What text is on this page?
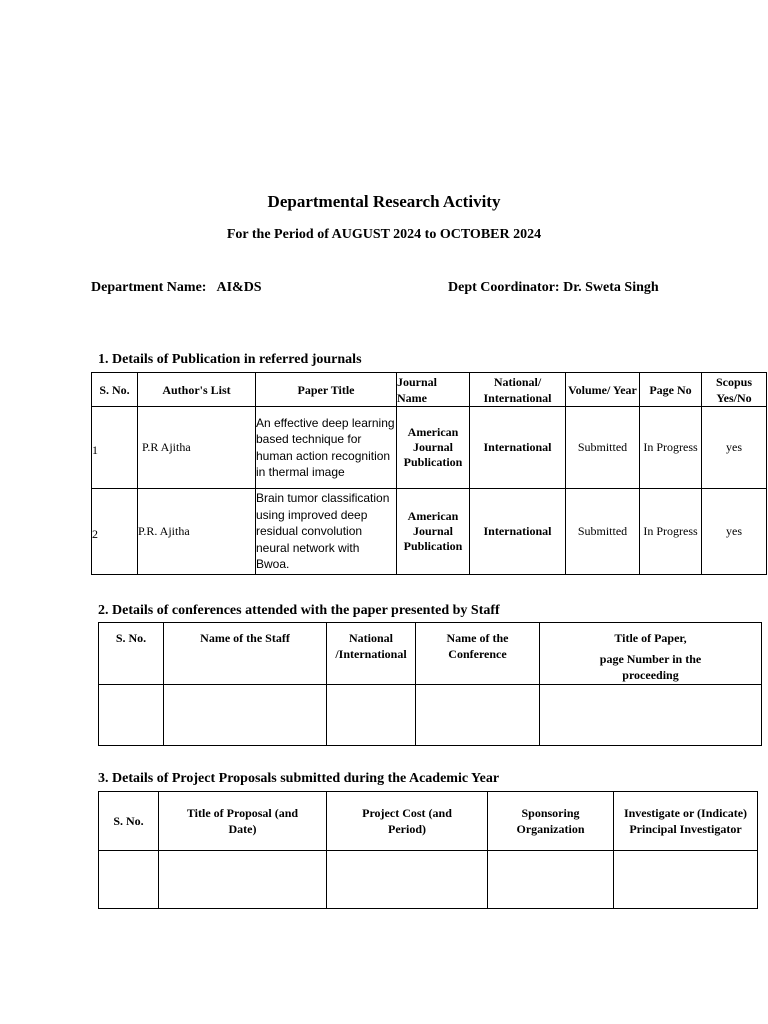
Departmental Research Activity
For the Period of AUGUST 2024 to OCTOBER 2024
Department Name: AI&DS	Dept Coordinator: Dr. Sweta Singh
1. Details of Publication in referred journals
S. No.	Author's List	Paper Title	Journal Name	National/ International	Volume/ Year	Page No	Scopus Yes/No
1	P.R Ajitha	An effective deep learning based technique for human action recognition in thermal image	American Journal Publication	International	Submitted	In Progress	yes
2	P.R. Ajitha	Brain tumor classification using improved deep residual convolution neural network with Bwoa.	American Journal Publication	International	Submitted	In Progress	yes
2. Details of conferences attended with the paper presented by Staff
S. No.	Name of the Staff	National /International	Name of the Conference	Title of Paper,
page Number in the proceeding

3. Details of Project Proposals submitted during the Academic Year
S. No.	Title of Proposal (and Date)	Project Cost (and Period)	Sponsoring Organization	Investigate or (Indicate) Principal Investigator
